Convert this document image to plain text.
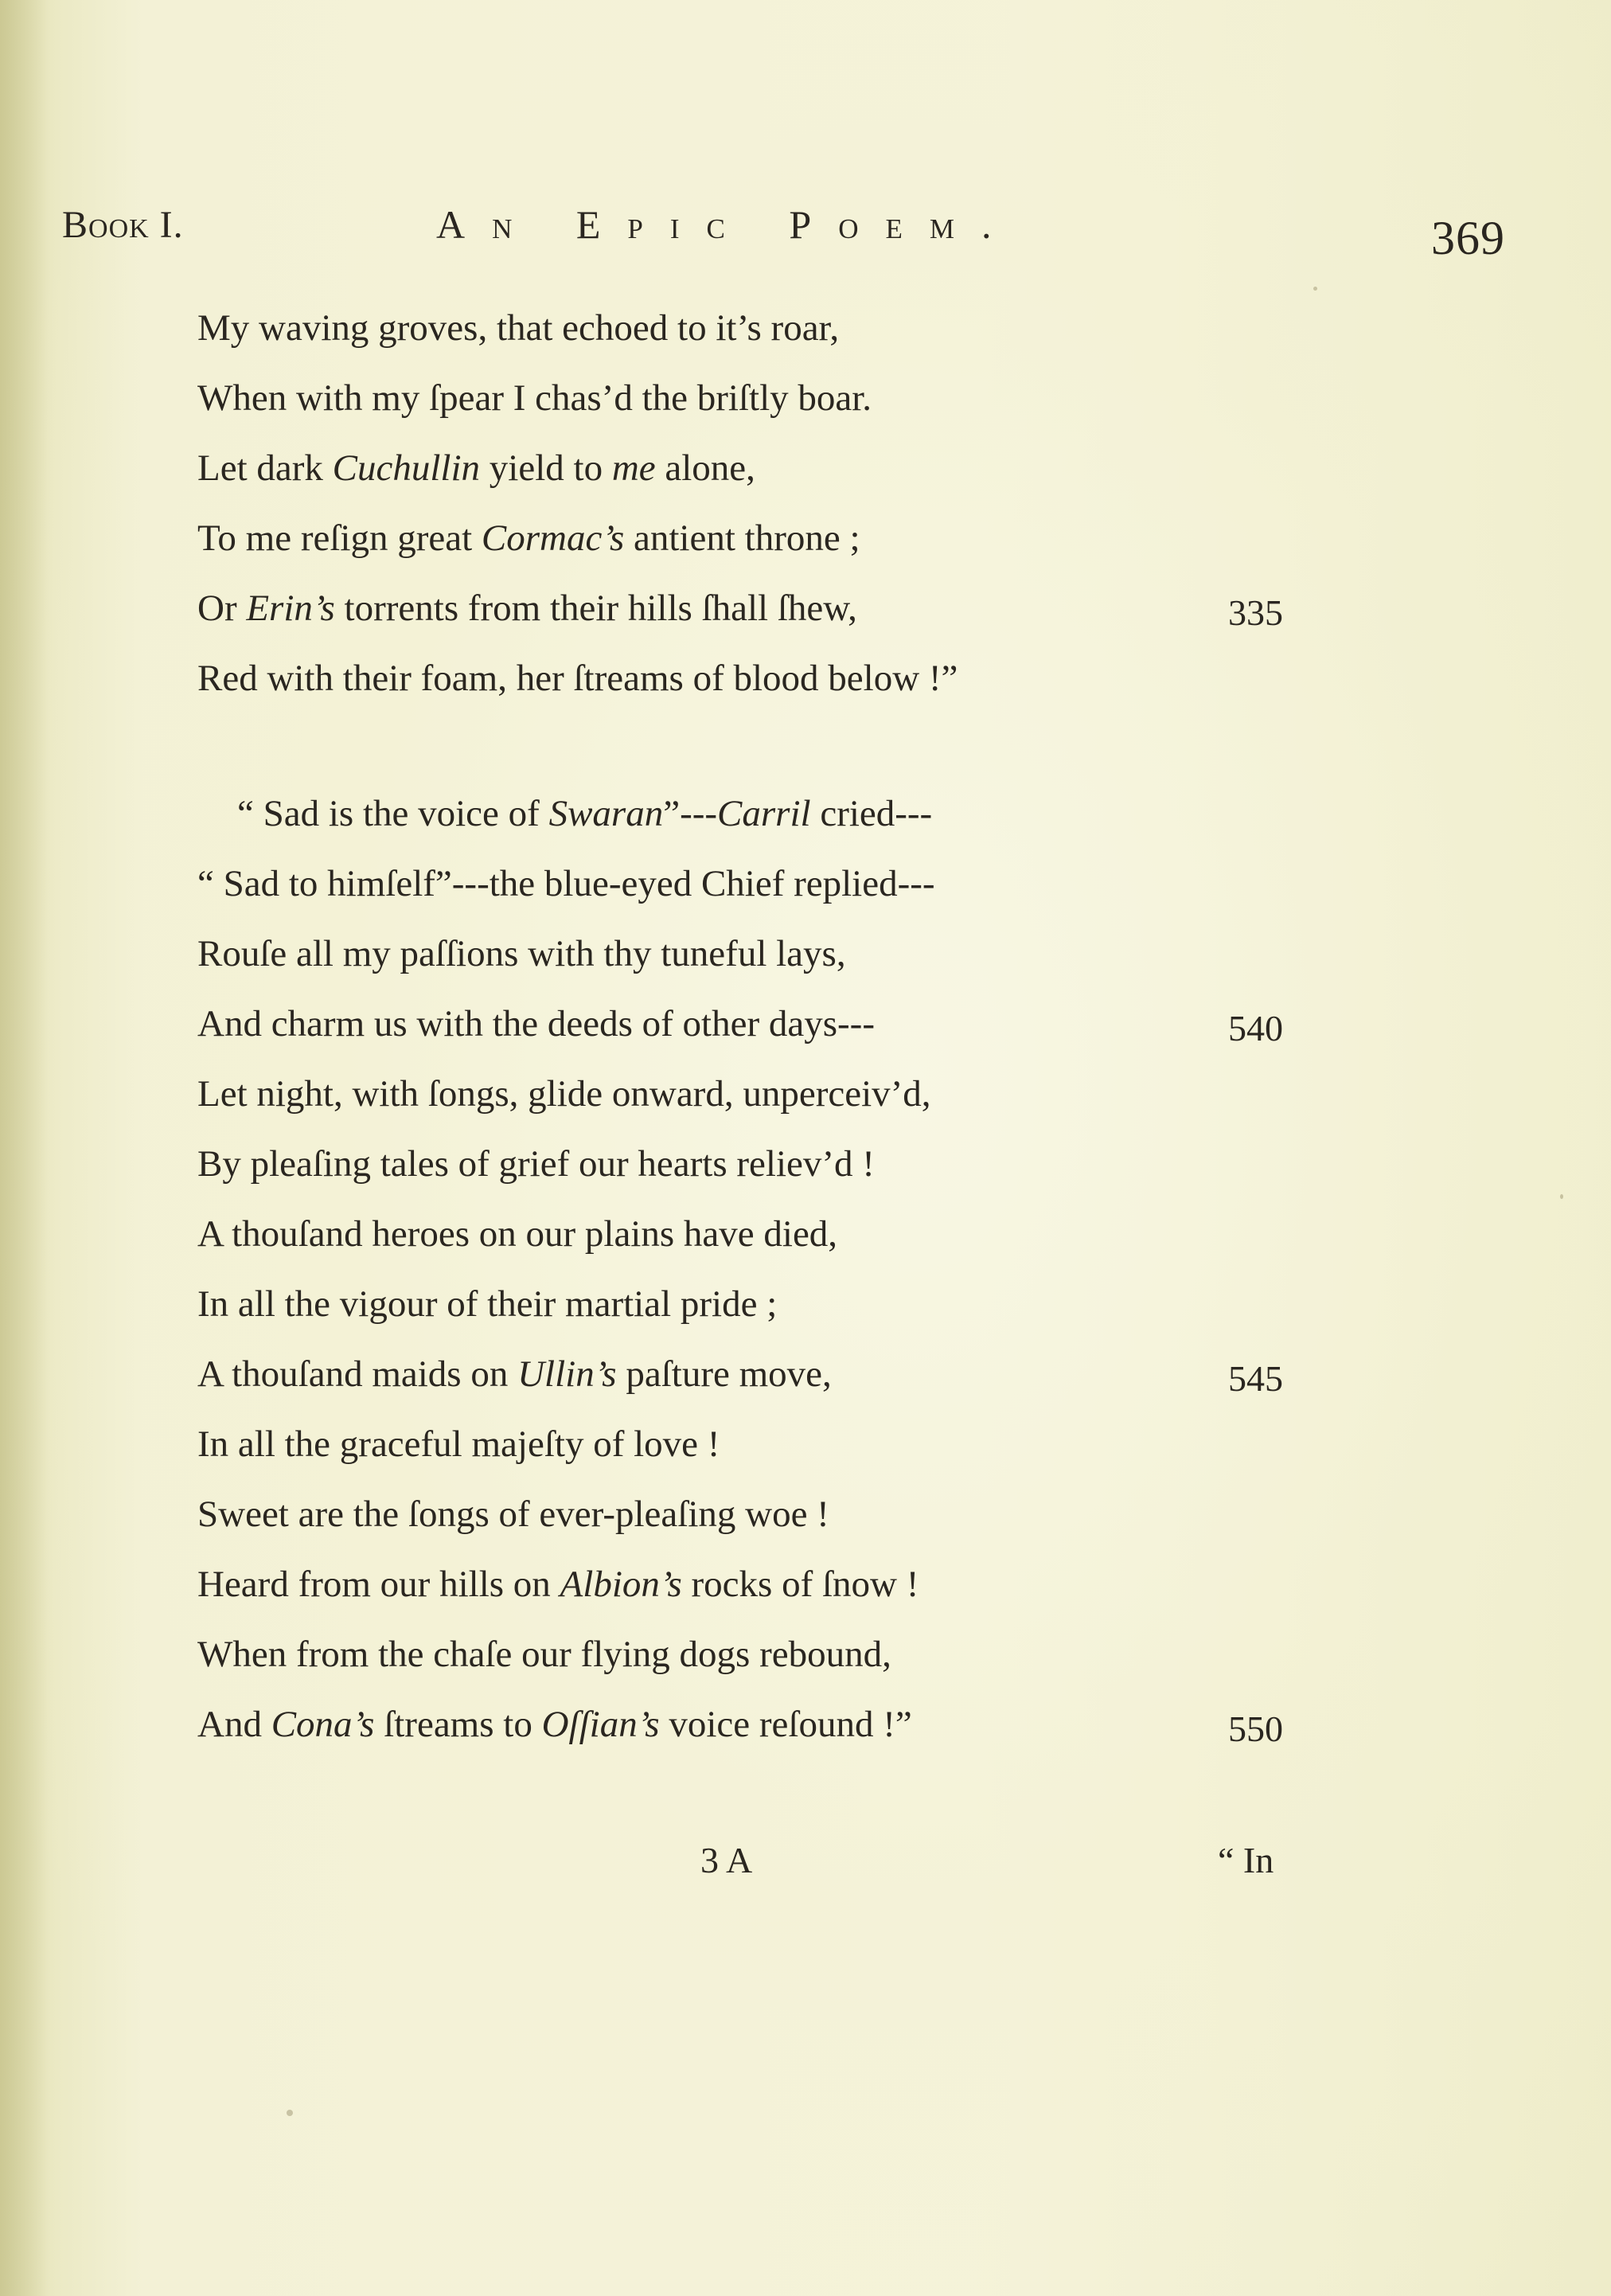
Book I.	An Epic Poem.	369
My waving groves, that echoed to it’s roar,
When with my ſpear I chas’d the briſtly boar.
Let dark Cuchullin yield to me alone,
To me reſign great Cormac’s antient throne ;
Or Erin’s torrents from their hills ſhall ſhew,	335
Red with their foam, her ſtreams of blood below !”
“ Sad is the voice of Swaran”---Carril cried---
“ Sad to himſelf”---the blue-eyed Chief replied---
Rouſe all my paſſions with thy tuneful lays,
And charm us with the deeds of other days---	540
Let night, with ſongs, glide onward, unperceiv’d,
By pleaſing tales of grief our hearts reliev’d !
A thouſand heroes on our plains have died,
In all the vigour of their martial pride ;
A thouſand maids on Ullin’s paſture move,	545
In all the graceful majeſty of love !
Sweet are the ſongs of ever-pleaſing woe !
Heard from our hills on Albion’s rocks of ſnow !
When from the chaſe our flying dogs rebound,
And Cona’s ſtreams to Oſſian’s voice reſound !”	550
3 A	“ In
